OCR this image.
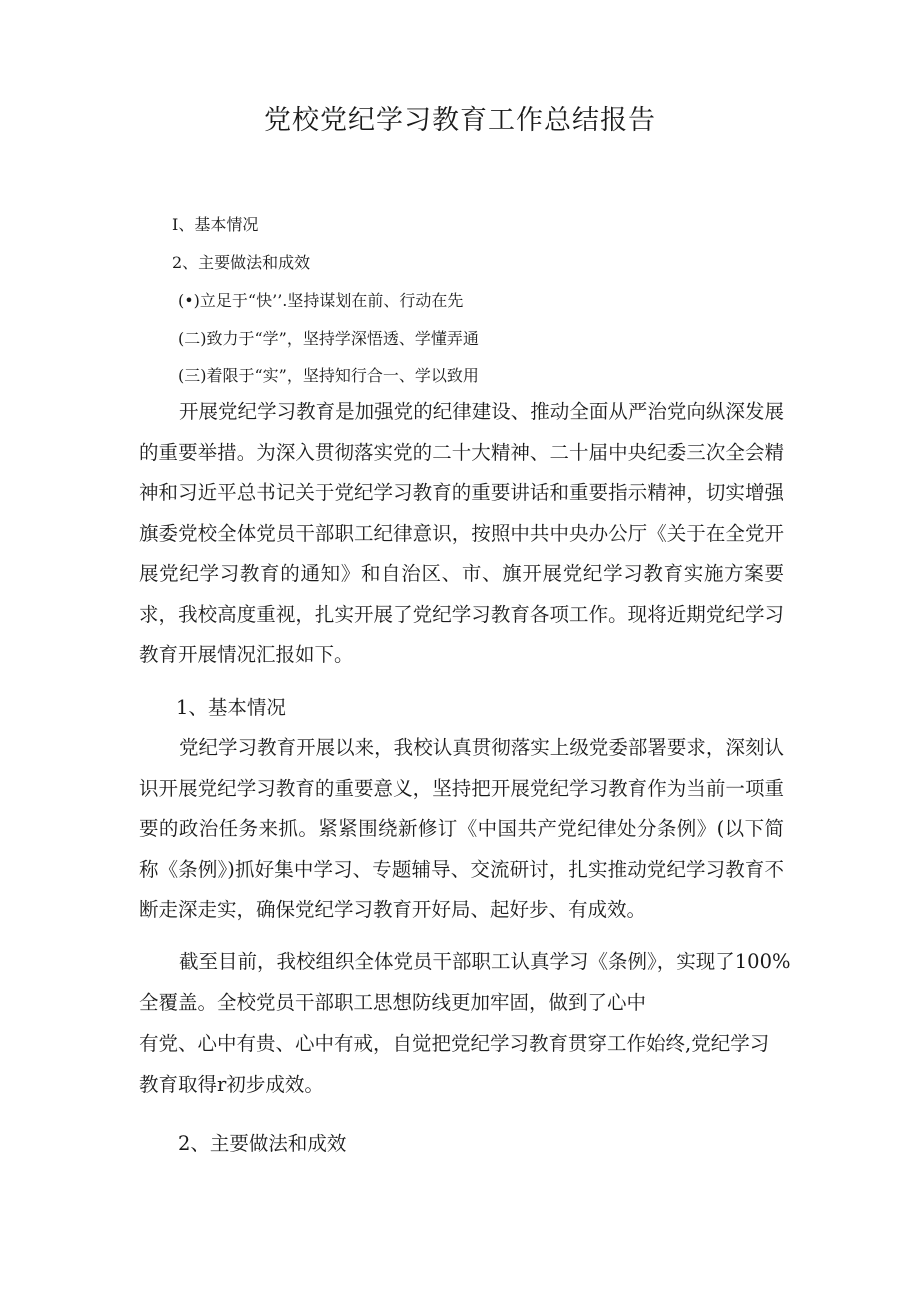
党校党纪学习教育工作总结报告
I、基本情况
2、主要做法和成效
(•)立足于“快’’.坚持谋划在前、行动在先
(二)致力于“学”，坚持学深悟透、学懂弄通
(三)着限于“实”，坚持知行合一、学以致用

开展党纪学习教育是加强党的纪律建设、推动全面从严治党向纵深发展的重要举措。为深入贯彻落实党的二十大精神、二十届中央纪委三次全会精神和习近平总书记关于党纪学习教育的重要讲话和重要指示精神，切实增强旗委党校全体党员干部职工纪律意识，按照中共中央办公厅《关于在全党开展党纪学习教育的通知》和自治区、市、旗开展党纪学习教育实施方案要求，我校高度重视，扎实开展了党纪学习教育各项工作。现将近期党纪学习教育开展情况汇报如下。

1、基本情况

党纪学习教育开展以来，我校认真贯彻落实上级党委部署要求，深刻认识开展党纪学习教育的重要意义，坚持把开展党纪学习教育作为当前一项重要的政治任务来抓。紧紧围绕新修订《中国共产党纪律处分条例》(以下简称《条例》)抓好集中学习、专题辅导、交流研讨，扎实推动党纪学习教育不断走深走实，确保党纪学习教育开好局、起好步、有成效。

截至目前，我校组织全体党员干部职工认真学习《条例》，实现了100%

全覆盖。全校党员干部职工思想防线更加牢固，做到了心中

有党、心中有贵、心中有戒，自觉把党纪学习教育贯穿工作始终,党纪学习

教育取得r初步成效。

2、主要做法和成效
